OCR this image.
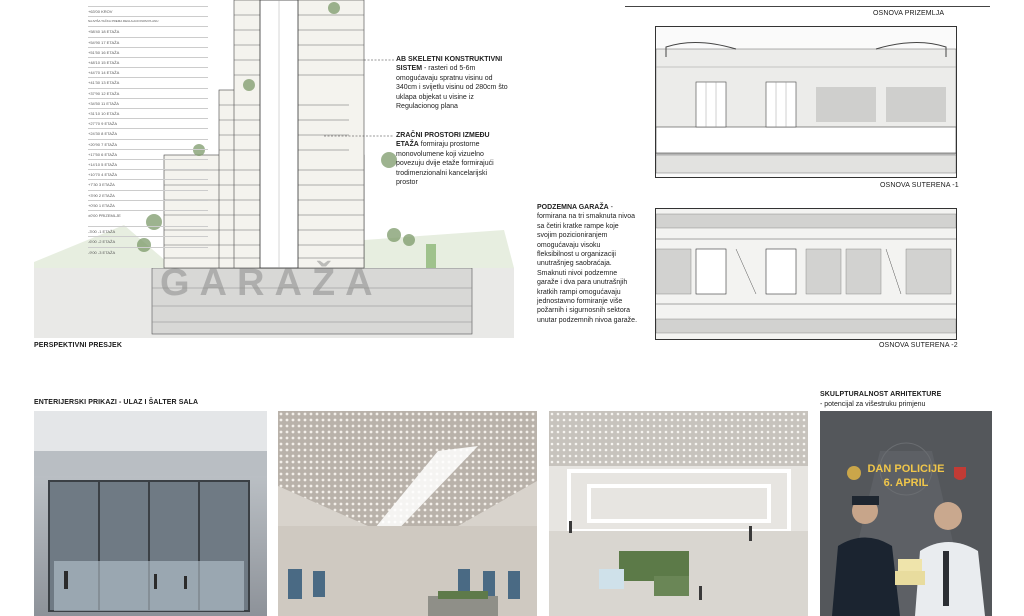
+63'00 KROV
NAJVIŠA TAČKA PREMA REGULACIONOM PLANU
+58'40 18 ETAŽA
+54'90 17 ETAŽA
+51'50 16 ETAŽA
+48'10 15 ETAŽA
+44'70 14 ETAŽA
+41'30 13 ETAŽA
+37'90 12 ETAŽA
+34'50 11 ETAŽA
+31'10 10 ETAŽA
+27'70 9 ETAŽA
+24'30 8 ETAŽA
+20'90 7 ETAŽA
+17'50 6 ETAŽA
+14'10 5 ETAŽA
+10'70 4 ETAŽA
+7'30 3 ETAŽA
+3'90 2 ETAŽA
+0'50 1 ETAŽA
±0'00 PRIZEMLJE
-3'00 -1 ETAŽA
-6'00 -2 ETAŽA
-9'00 -3 ETAŽA
GARAŽA
PERSPEKTIVNI PRESJEK
AB SKELETNI KONSTRUKTIVNI SISTEM - rasteri od 5-6m omogućavaju spratnu visinu od 340cm i svijetlu visinu od 280cm što uklapa objekat u visine iz Regulacionog plana
ZRAČNI PROSTORI IZMEĐU ETAŽA formiraju prostorne monovolumene koji vizuelno povezuju dvije etaže formirajući trodimenzionalni kancelarijski prostor
PODZEMNA GARAŽA - formirana na tri smaknuta nivoa sa četiri kratke rampe koje svojim pozicioniranjem omogućavaju visoku fleksibilnost u organizaciji unutrašnjeg saobraćaja. Smaknuti nivoi podzemne garaže i dva para unutrašnjih kratkih rampi omogućavaju jednostavno formiranje više požarnih i sigurnosnih sektora unutar podzemnih nivoa garaže.
OSNOVA PRIZEMLJA
OSNOVA SUTERENA -1
OSNOVA SUTERENA -2
ENTERIJERSKI PRIKAZI - ULAZ I ŠALTER SALA
SKULPTURALNOST ARHITEKTURE
- potencijal za višestruku primjenu
DAN POLICIJE
6. APRIL
